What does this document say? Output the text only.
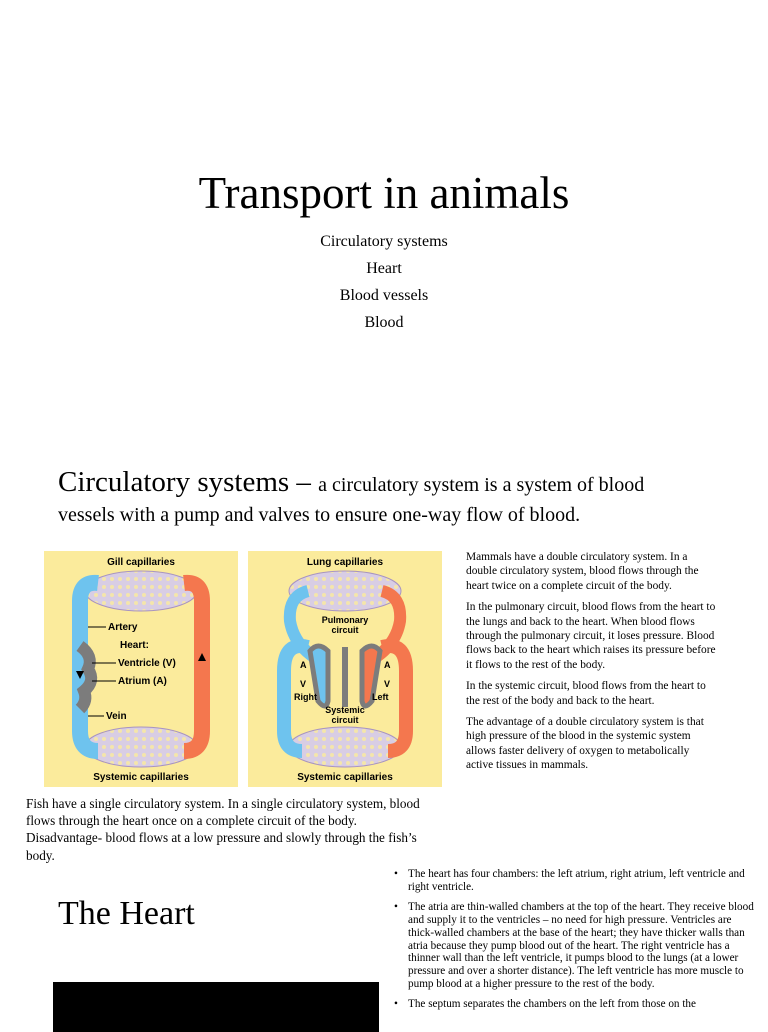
Transport in animals
Circulatory systems
Heart
Blood vessels
Blood
Circulatory systems – a circulatory system is a system of blood
vessels with a pump and valves to ensure one-way flow of blood.
Gill capillaries
Systemic capillaries
Artery
Heart:
Ventricle (V)
Atrium (A)
Vein
Lung capillaries
Systemic capillaries
Pulmonary
circuit
Systemic
circuit
A	A
V	V
Right	Left

Mammals have a double circulatory system. In a double circulatory system, blood flows through the heart twice on a complete circuit of the body.

In the pulmonary circuit, blood flows from the heart to the lungs and back to the heart. When blood flows through the pulmonary circuit, it loses pressure. Blood flows back to the heart which raises its pressure before it flows to the rest of the body.

In the systemic circuit, blood flows from the heart to the rest of the body and back to the heart.

The advantage of a double circulatory system is that high pressure of the blood in the systemic system allows faster delivery of oxygen to metabolically active tissues in mammals.

Fish have a single circulatory system. In a single circulatory system, blood flows through the heart once on a complete circuit of the body. Disadvantage- blood flows at a low pressure and slowly through the fish’s body.
The Heart
• The heart has four chambers: the left atrium, right atrium, left ventricle and right ventricle.
• The atria are thin-walled chambers at the top of the heart. They receive blood and supply it to the ventricles – no need for high pressure. Ventricles are thick-walled chambers at the base of the heart; they have thicker walls than atria because they pump blood out of the heart. The right ventricle has a thinner wall than the left ventricle, it pumps blood to the lungs (at a lower pressure and over a shorter distance). The left ventricle has more muscle to pump blood at a higher pressure to the rest of the body.
• The septum separates the chambers on the left from those on the
